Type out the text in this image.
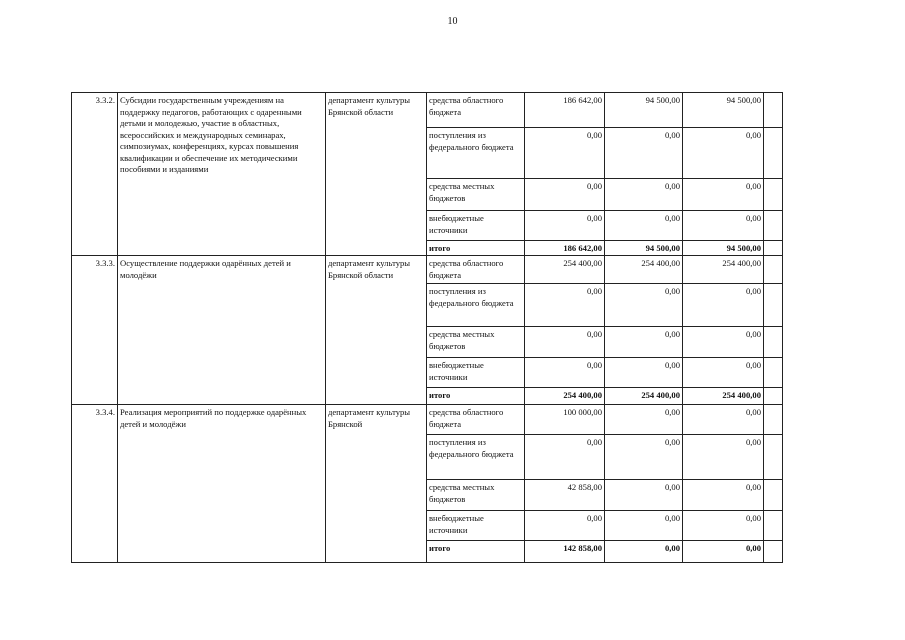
10
3.3.2.	Субсидии государственным учреждениям на поддержку педагогов, работающих с одаренными детьми и молодежью, участие в областных, всероссийских и международных семинарах, симпозиумах, конференциях, курсах повышения квалификации и обеспечение их методическими пособиями и изданиями	департамент культуры Брянской области	средства областного бюджета	186 642,00	94 500,00	94 500,00	
			поступления из федерального бюджета	0,00	0,00	0,00	
			средства местных бюджетов	0,00	0,00	0,00	
			внебюджетные источники	0,00	0,00	0,00	
			итого	186 642,00	94 500,00	94 500,00	
3.3.3.	Осуществление поддержки одарённых детей и молодёжи	департамент культуры Брянской области	средства областного бюджета	254 400,00	254 400,00	254 400,00	
			поступления из федерального бюджета	0,00	0,00	0,00	
			средства местных бюджетов	0,00	0,00	0,00	
			внебюджетные источники	0,00	0,00	0,00	
			итого	254 400,00	254 400,00	254 400,00	
3.3.4.	Реализация мероприятий по поддержке одарённых детей и молодёжи	департамент культуры Брянской	средства областного бюджета	100 000,00	0,00	0,00	
			поступления из федерального бюджета	0,00	0,00	0,00	
			средства местных бюджетов	42 858,00	0,00	0,00	
			внебюджетные источники	0,00	0,00	0,00	
			итого	142 858,00	0,00	0,00	
